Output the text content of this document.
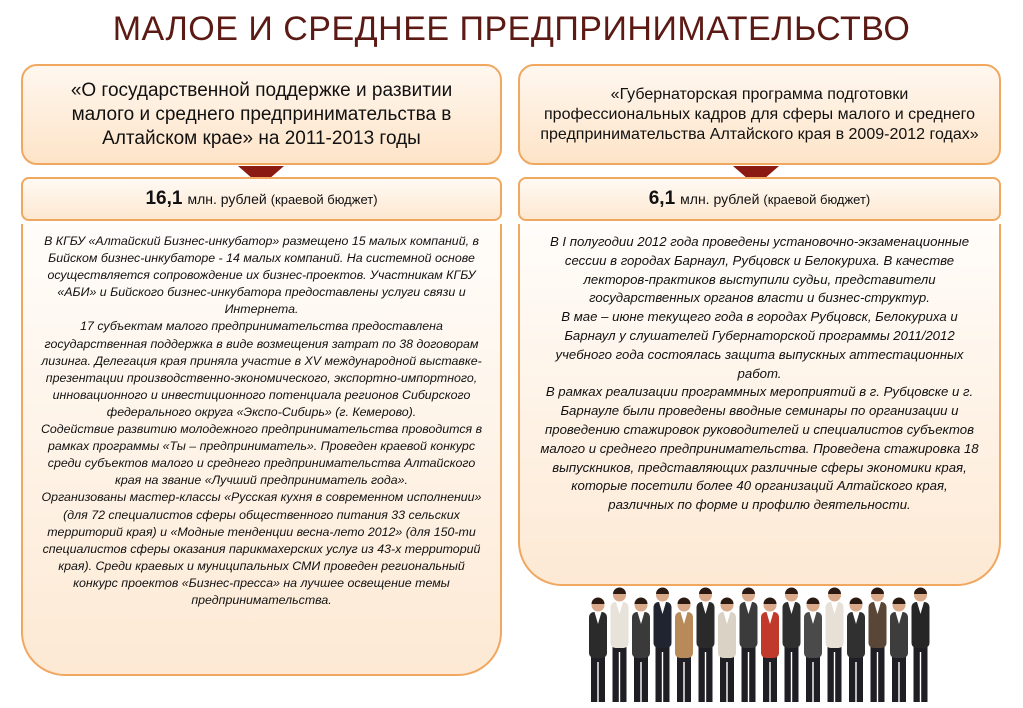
МАЛОЕ И СРЕДНЕЕ ПРЕДПРИНИМАТЕЛЬСТВО
«О государственной поддержке и развитии малого и среднего предпринимательства в Алтайском крае» на 2011-2013 годы
16,1 млн. рублей (краевой бюджет)

В КГБУ «Алтайский Бизнес-инкубатор» размещено 15 малых компаний, в Бийском бизнес-инкубаторе - 14 малых компаний. На системной основе осуществляется сопровождение их бизнес-проектов. Участникам КГБУ «АБИ» и Бийского бизнес-инкубатора предоставлены услуги связи и Интернета.

17 субъектам малого предпринимательства предоставлена государственная поддержка в виде возмещения затрат по 38 договорам лизинга. Делегация края приняла участие в XV международной выставке-презентации производственно-экономического, экспортно-импортного, инновационного и инвестиционного потенциала регионов Сибирского федерального округа «Экспо-Сибирь» (г. Кемерово).

Содействие развитию молодежного предпринимательства проводится в рамках программы «Ты – предприниматель». Проведен краевой конкурс среди субъектов малого и среднего предпринимательства Алтайского края на звание «Лучший предприниматель года».

Организованы мастер-классы «Русская кухня в современном исполнении» (для 72 специалистов сферы общественного питания 33 сельских территорий края) и «Модные тенденции весна-лето 2012» (для 150-ти специалистов сферы оказания парикмахерских услуг из 43-х территорий края). Среди краевых и муниципальных СМИ проведен региональный конкурс проектов «Бизнес-пресса» на лучшее освещение темы предпринимательства.

«Губернаторская программа подготовки профессиональных кадров для сферы малого и среднего предпринимательства Алтайского края в 2009-2012 годах»
6,1 млн. рублей (краевой бюджет)

В I полугодии 2012 года проведены установочно-экзаменационные сессии в городах Барнаул, Рубцовск и Белокуриха. В качестве лекторов-практиков выступили судьи, представители государственных органов власти и бизнес-структур.

В мае – июне текущего года в городах Рубцовск, Белокуриха и Барнаул у слушателей Губернаторской программы 2011/2012 учебного года состоялась защита выпускных аттестационных работ.

В рамках реализации программных мероприятий в г. Рубцовске и г. Барнауле были проведены вводные семинары по организации и проведению стажировок руководителей и специалистов субъектов малого и среднего предпринимательства. Проведена стажировка 18 выпускников, представляющих различные сферы экономики края, которые посетили более 40 организаций Алтайского края, различных по форме и профилю деятельности.
